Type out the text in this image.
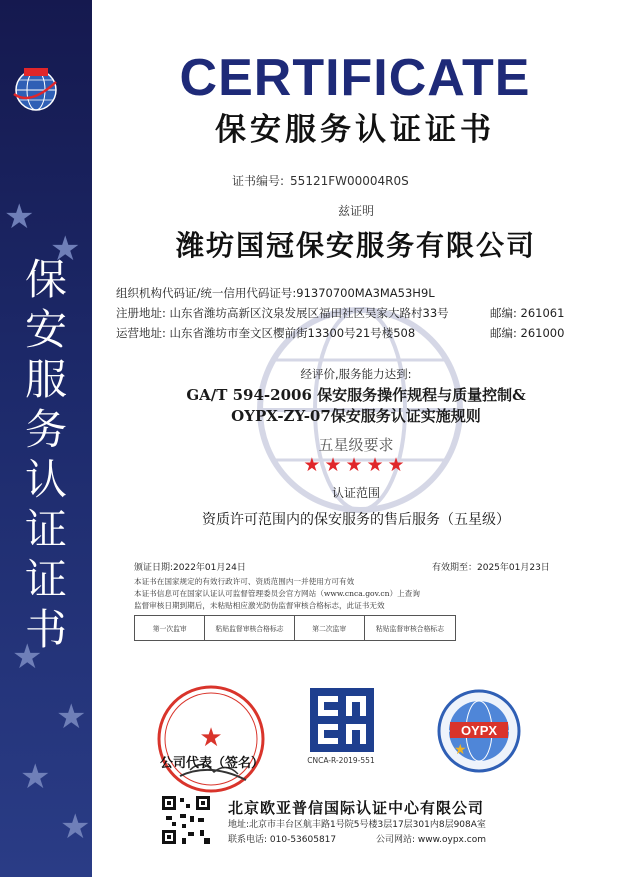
★
★
★
★
★
★
保
安
服
务
认
证
证
书
CERTIFICATE
保安服务认证证书
证书编号: 55121FW00004R0S
兹证明
潍坊国冠保安服务有限公司
组织机构代码证/统一信用代码证号:91370700MA3MA53H9L
注册地址: 山东省潍坊高新区汶泉发展区福田社区吴家大路村33号	邮编: 261061
运营地址: 山东省潍坊市奎文区樱前街13300号21号楼508	邮编: 261000
经评价,服务能力达到:
GA/T 594-2006 保安服务操作规程与质量控制&
OYPX-ZY-07保安服务认证实施规则
五星级要求
★★★★★
认证范围
资质许可范围内的保安服务的售后服务（五星级）
颁证日期:2022年01月24日	有效期至：2025年01月23日
本证书在国家规定的有效行政许可、资质范围内一并使用方可有效
本证书信息可在国家认证认可监督管理委员会官方网站（www.cnca.gov.cn）上查询
监督审核日期到期后，未粘贴相应激光防伪监督审核合格标志，此证书无效
第一次监审	粘贴监督审核合格标志	第二次监审	粘贴监督审核合格标志
★
公司代表（签名）	CNCA-R-2019-551
OYPX
★
北京欧亚普信国际认证中心有限公司
地址:北京市丰台区航丰路1号院5号楼3层17层301内8层908A室
联系电话: 010-53605817	公司网站: www.oypx.com
